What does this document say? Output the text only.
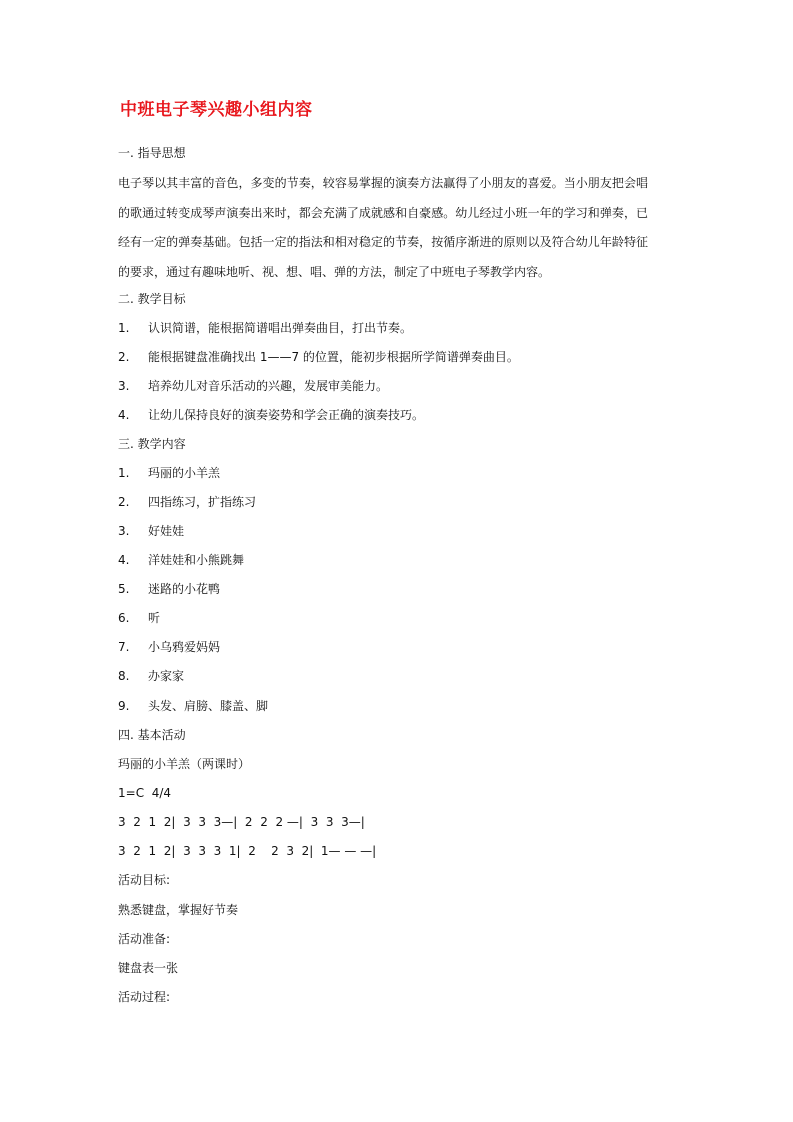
中班电子琴兴趣小组内容
一. 指导思想
电子琴以其丰富的音色，多变的节奏，较容易掌握的演奏方法赢得了小朋友的喜爱。当小朋友把会唱的歌通过转变成琴声演奏出来时，都会充满了成就感和自豪感。幼儿经过小班一年的学习和弹奏，已经有一定的弹奏基础。包括一定的指法和相对稳定的节奏，按循序渐进的原则以及符合幼儿年龄特征的要求，通过有趣味地听、视、想、唱、弹的方法，制定了中班电子琴教学内容。
二. 教学目标
1. 认识简谱，能根据简谱唱出弹奏曲目，打出节奏。
2. 能根据键盘准确找出 1——7 的位置，能初步根据所学简谱弹奏曲目。
3. 培养幼儿对音乐活动的兴趣，发展审美能力。
4. 让幼儿保持良好的演奏姿势和学会正确的演奏技巧。
三. 教学内容
1. 玛丽的小羊羔
2. 四指练习，扩指练习
3. 好娃娃
4. 洋娃娃和小熊跳舞
5. 迷路的小花鸭
6. 听
7. 小乌鸦爱妈妈
8. 办家家
9. 头发、肩膀、膝盖、脚
四. 基本活动
玛丽的小羊羔（两课时）
1=C  4/4
3  2  1  2|  3  3  3—|  2  2  2 —|  3  3  3—|
3  2  1  2|  3  3  3  1|  2    2  3  2|  1— — —|
活动目标:
熟悉键盘，掌握好节奏
活动准备:
键盘表一张
活动过程:
